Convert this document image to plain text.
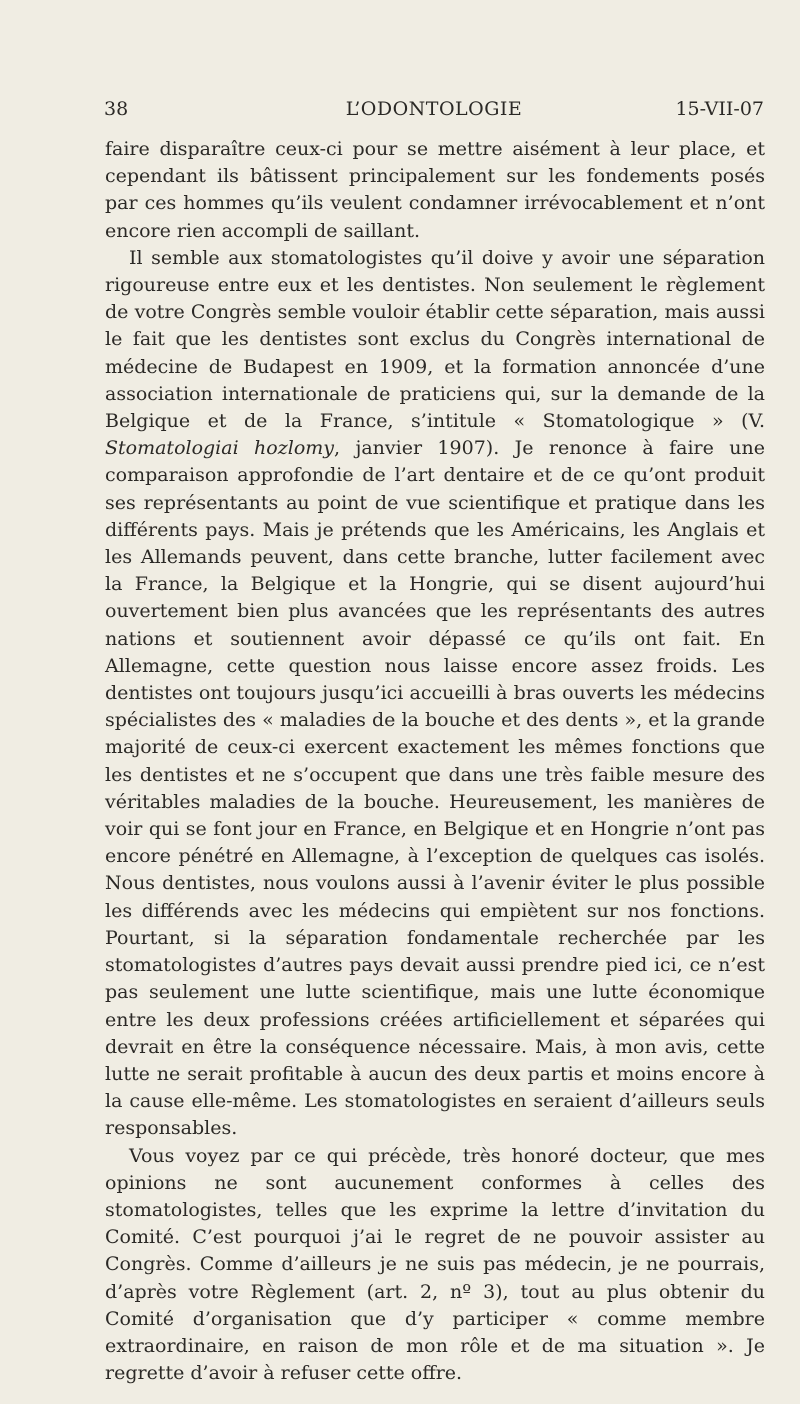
38	L’ODONTOLOGIE	15-VII-07

faire disparaître ceux-ci pour se mettre aisément à leur place, et cependant ils bâtissent principalement sur les fondements posés par ces hommes qu’ils veulent condamner irrévocablement et n’ont encore rien accompli de saillant.

Il semble aux stomatologistes qu’il doive y avoir une séparation rigoureuse entre eux et les dentistes. Non seulement le règlement de votre Congrès semble vouloir établir cette séparation, mais aussi le fait que les dentistes sont exclus du Congrès international de médecine de Budapest en 1909, et la formation annoncée d’une association internationale de praticiens qui, sur la demande de la Belgique et de la France, s’intitule « Stomatologique » (V. Stomatologiai hozlomy, janvier 1907). Je renonce à faire une comparaison approfondie de l’art dentaire et de ce qu’ont produit ses représentants au point de vue scientifique et pratique dans les différents pays. Mais je prétends que les Américains, les Anglais et les Allemands peuvent, dans cette branche, lutter facilement avec la France, la Belgique et la Hongrie, qui se disent aujourd’hui ouvertement bien plus avancées que les représentants des autres nations et soutiennent avoir dépassé ce qu’ils ont fait. En Allemagne, cette question nous laisse encore assez froids. Les dentistes ont toujours jusqu’ici accueilli à bras ouverts les médecins spécialistes des « maladies de la bouche et des dents », et la grande majorité de ceux-ci exercent exactement les mêmes fonctions que les dentistes et ne s’occupent que dans une très faible mesure des véritables maladies de la bouche. Heureusement, les manières de voir qui se font jour en France, en Belgique et en Hongrie n’ont pas encore pénétré en Allemagne, à l’exception de quelques cas isolés. Nous dentistes, nous voulons aussi à l’avenir éviter le plus possible les différends avec les médecins qui empiètent sur nos fonctions. Pourtant, si la séparation fondamentale recherchée par les stomatologistes d’autres pays devait aussi prendre pied ici, ce n’est pas seulement une lutte scientifique, mais une lutte économique entre les deux professions créées artificiellement et séparées qui devrait en être la conséquence nécessaire. Mais, à mon avis, cette lutte ne serait profitable à aucun des deux partis et moins encore à la cause elle-même. Les stomatologistes en seraient d’ailleurs seuls responsables.

Vous voyez par ce qui précède, très honoré docteur, que mes opinions ne sont aucunement conformes à celles des stomatologistes, telles que les exprime la lettre d’invitation du Comité. C’est pourquoi j’ai le regret de ne pouvoir assister au Congrès. Comme d’ailleurs je ne suis pas médecin, je ne pourrais, d’après votre Règlement (art. 2, nº 3), tout au plus obtenir du Comité d’organisation que d’y participer « comme membre extraordinaire, en raison de mon rôle et de ma situation ». Je regrette d’avoir à refuser cette offre.
